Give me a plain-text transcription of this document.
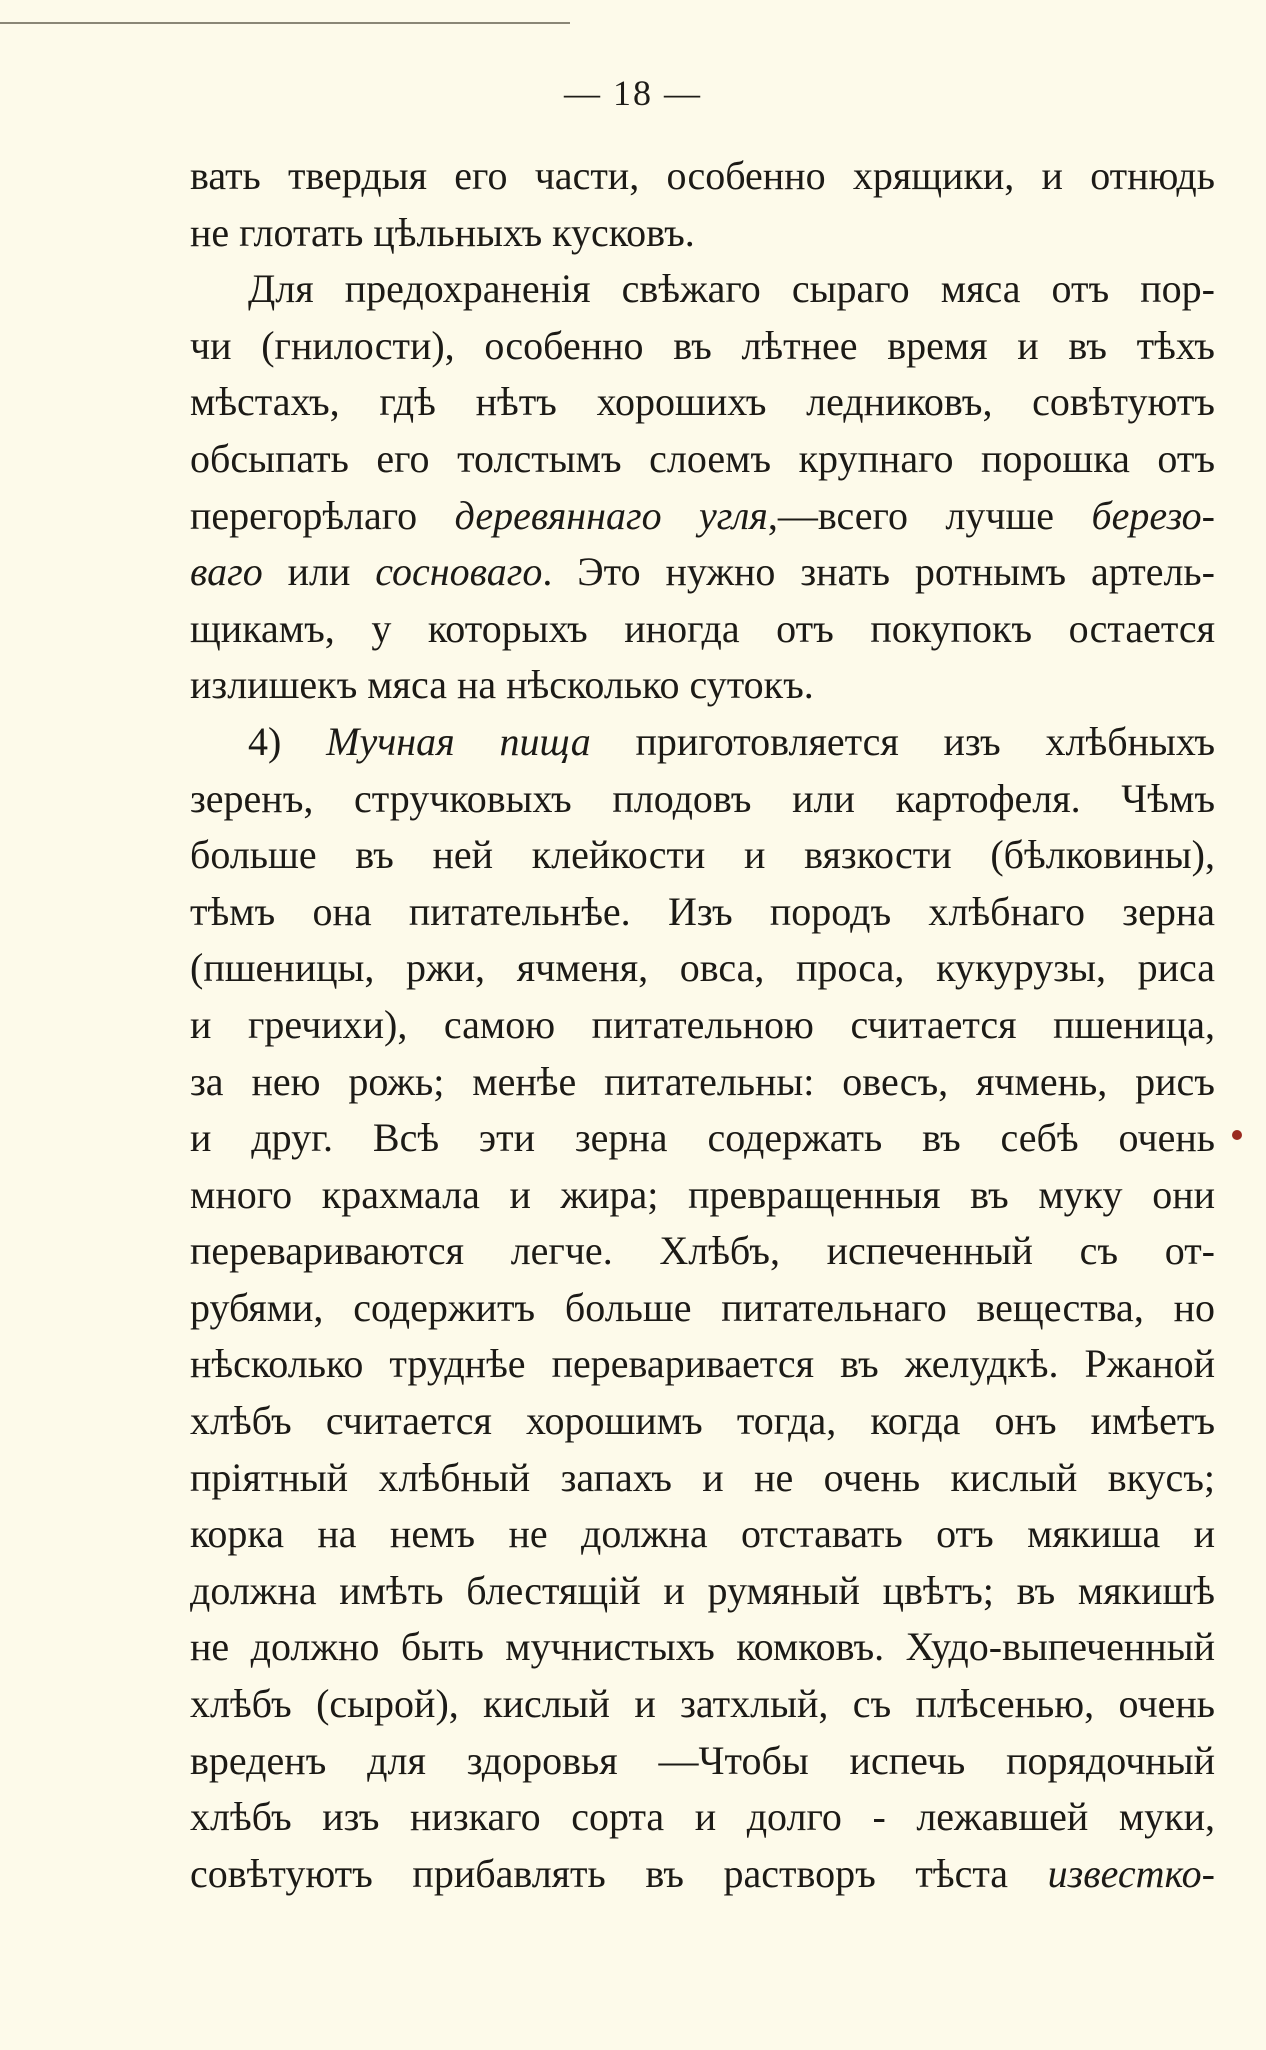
— 18 —
вать твердыя его части, особенно хрящики, и отнюдь
не глотать цѣльныхъ кусковъ.
Для предохраненія свѣжаго сыраго мяса отъ пор-
чи (гнилости), особенно въ лѣтнее время и въ тѣхъ
мѣстахъ, гдѣ нѣтъ хорошихъ ледниковъ, совѣтуютъ
обсыпать его толстымъ слоемъ крупнаго порошка отъ
перегорѣлаго деревяннаго угля,—всего лучше березо-
ваго или сосноваго. Это нужно знать ротнымъ артель-
щикамъ, у которыхъ иногда отъ покупокъ остается
излишекъ мяса на нѣсколько сутокъ.
4) Мучная пища приготовляется изъ хлѣбныхъ
зеренъ, стручковыхъ плодовъ или картофеля. Чѣмъ
больше въ ней клейкости и вязкости (бѣлковины),
тѣмъ она питательнѣе. Изъ породъ хлѣбнаго зерна
(пшеницы, ржи, ячменя, овса, проса, кукурузы, риса
и гречихи), самою питательною считается пшеница,
за нею рожь; менѣе питательны: овесъ, ячмень, рисъ
и друг. Всѣ эти зерна содержать въ себѣ очень
много крахмала и жира; превращенныя въ муку они
перевариваются легче. Хлѣбъ, испеченный съ от-
рубями, содержитъ больше питательнаго вещества, но
нѣсколько труднѣе переваривается въ желудкѣ. Ржаной
хлѣбъ считается хорошимъ тогда, когда онъ имѣетъ
пріятный хлѣбный запахъ и не очень кислый вкусъ;
корка на немъ не должна отставать отъ мякиша и
должна имѣть блестящій и румяный цвѣтъ; въ мякишѣ
не должно быть мучнистыхъ комковъ. Худо-выпеченный
хлѣбъ (сырой), кислый и затхлый, съ плѣсенью, очень
вреденъ для здоровья —Чтобы испечь порядочный
хлѣбъ изъ низкаго сорта и долго - лежавшей муки,
совѣтуютъ прибавлять въ растворъ тѣста известко-
